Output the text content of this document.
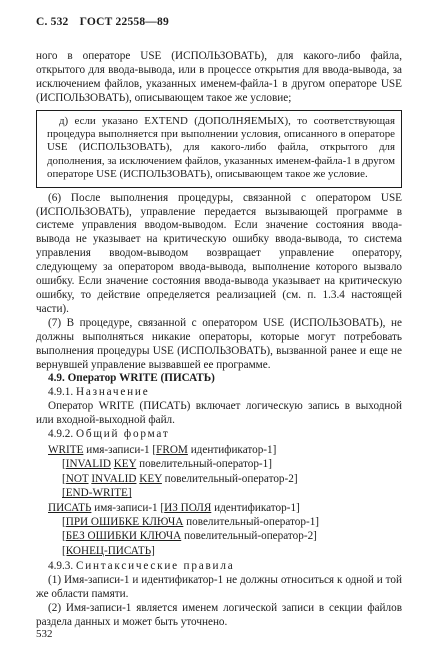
С. 532 ГОСТ 22558—89

ного в операторе USE (ИСПОЛЬЗОВАТЬ), для какого-либо файла, открытого для ввода-вывода, или в процессе открытия для ввода-вывода, за исключением файлов, указанных именем-файла-1 в другом операторе USE (ИСПОЛЬЗОВАТЬ), описывающем такое же условие;

д) если указано EXTEND (ДОПОЛНЯЕМЫХ), то соответствующая процедура выполняется при выполнении условия, описанного в операторе USE (ИСПОЛЬЗОВАТЬ), для какого-либо файла, открытого для дополнения, за исключением файлов, указанных именем-файла-1 в другом операторе USE (ИСПОЛЬЗОВАТЬ), описывающем такое же условие.

(6) После выполнения процедуры, связанной с оператором USE (ИСПОЛЬЗОВАТЬ), управление передается вызывающей программе в системе управления вводом-выводом. Если значение состояния ввода-вывода не указывает на критическую ошибку ввода-вывода, то система управления вводом-выводом возвращает управление оператору, следующему за оператором ввода-вывода, выполнение которого вызвало ошибку. Если значение состояния ввода-вывода указывает на критическую ошибку, то действие определяется реализацией (см. п. 1.3.4 настоящей части).

(7) В процедуре, связанной с оператором USE (ИСПОЛЬЗОВАТЬ), не должны выполняться никакие операторы, которые могут потребовать выполнения процедуры USE (ИСПОЛЬЗОВАТЬ), вызванной ранее и еще не вернувшей управление вызвавшей ее программе.

4.9. Оператор WRITE (ПИСАТЬ)

4.9.1. Назначение

Оператор WRITE (ПИСАТЬ) включает логическую запись в выходной или входной-выходной файл.

4.9.2. Общий формат

WRITE имя-записи-1 [FROM идентификатор-1]

[INVALID KEY повелительный-оператор-1]

[NOT INVALID KEY повелительный-оператор-2]

[END-WRITE]

ПИСАТЬ имя-записи-1 [ИЗ ПОЛЯ идентификатор-1]

[ПРИ ОШИБКЕ КЛЮЧА повелительный-оператор-1]

[БЕЗ ОШИБКИ КЛЮЧА повелительный-оператор-2]

[КОНЕЦ-ПИСАТЬ]

4.9.3. Синтаксические правила

(1) Имя-записи-1 и идентификатор-1 не должны относиться к одной и той же области памяти.

(2) Имя-записи-1 является именем логической записи в секции файлов раздела данных и может быть уточнено.

532
